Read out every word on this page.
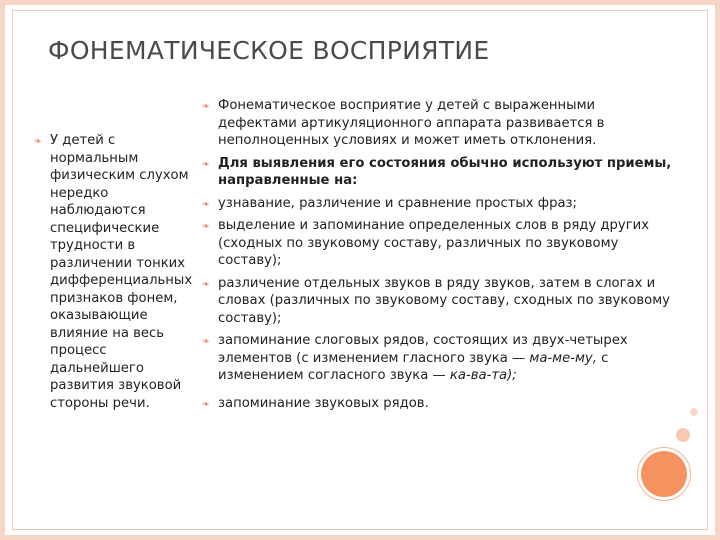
ФОНЕМАТИЧЕСКОЕ ВОСПРИЯТИЕ
❧ У детей с нормальным физическим слухом нередко наблюдаются специфические трудности в различении тонких дифференциальных признаков фонем, оказывающие влияние на весь процесс дальнейшего развития звуковой стороны речи.
❧ Фонематическое восприятие у детей с выраженными дефектами артикуляционного аппарата развивается в неполноценных условиях и может иметь отклонения.
❧ Для выявления его состояния обычно используют приемы, направленные на:
❧ узнавание, различение и сравнение простых фраз;
❧ выделение и запоминание определенных слов в ряду других (сходных по звуковому составу, различных по звуковому составу);
❧ различение отдельных звуков в ряду звуков, затем в слогах и словах (различных по звуковому составу, сходных по звуковому составу);
❧ запоминание слоговых рядов, состоящих из двух-четырех элементов (с изменением гласного звука — ма-ме-му, с изменением согласного звука — ка-ва-та);
❧ запоминание звуковых рядов.
